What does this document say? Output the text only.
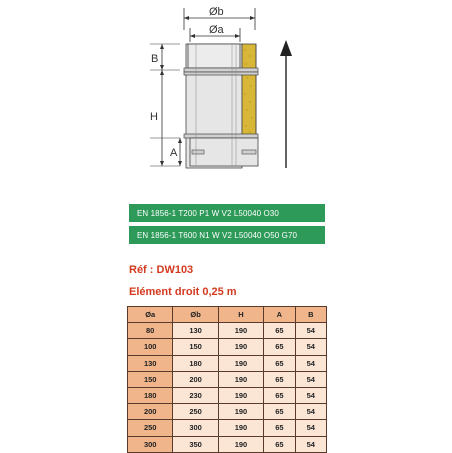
Øb
Øa
B
H
A
EN 1856-1 T200 P1 W V2 L50040 O30
EN 1856-1 T600 N1 W V2 L50040 O50 G70
Réf : DW103
Elément droit 0,25 m
Øa	Øb	H	A	B
80	130	190	65	54
100	150	190	65	54
130	180	190	65	54
150	200	190	65	54
180	230	190	65	54
200	250	190	65	54
250	300	190	65	54
300	350	190	65	54
